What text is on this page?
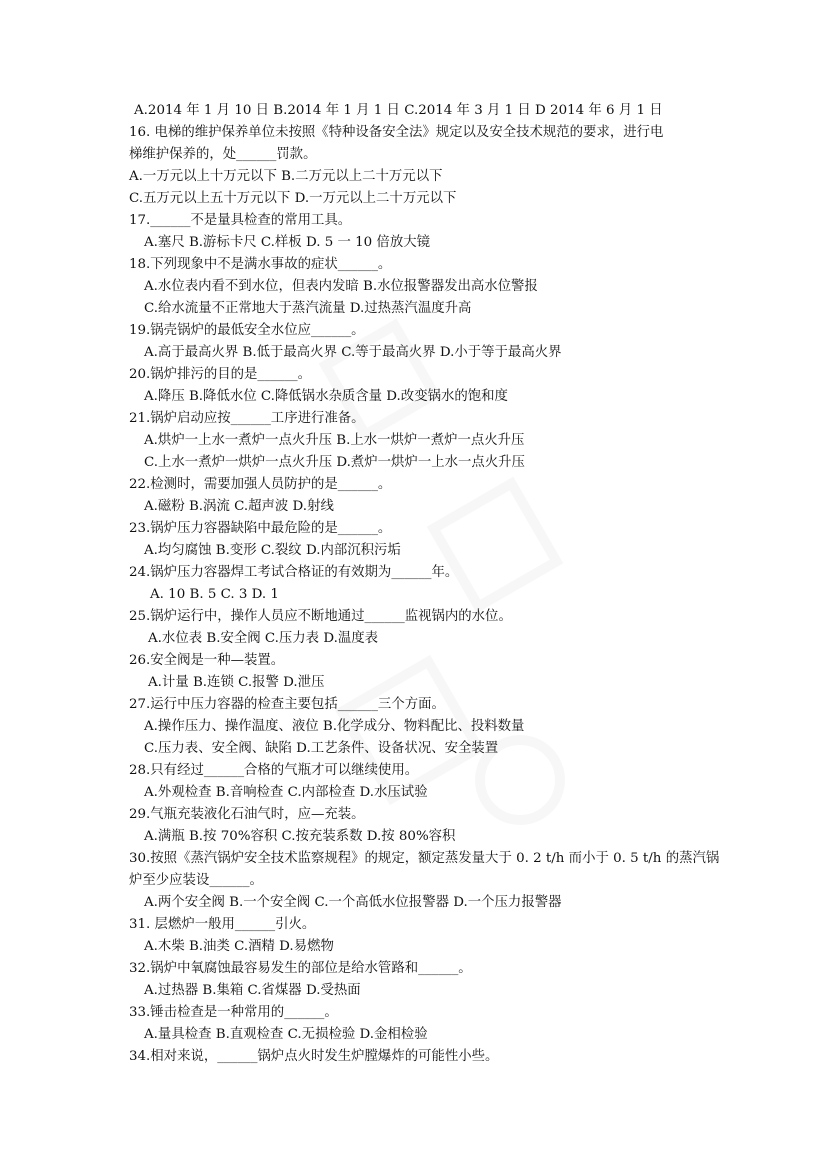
A.2014 年 1 月 10 日 B.2014 年 1 月 1 日 C.2014 年 3 月 1 日 D 2014 年 6 月 1 日
16. 电梯的维护保养单位未按照《特种设备安全法》规定以及安全技术规范的要求，进行电
梯维护保养的，处______罚款。
A.一万元以上十万元以下 B.二万元以上二十万元以下
C.五万元以上五十万元以下 D.一万元以上二十万元以下
17.______不是量具检查的常用工具。
A.塞尺 B.游标卡尺 C.样板 D. 5 一 10 倍放大镜
18.下列现象中不是满水事故的症状______。
A.水位表内看不到水位，但表内发暗 B.水位报警器发出高水位警报
C.给水流量不正常地大于蒸汽流量 D.过热蒸汽温度升高
19.锅壳锅炉的最低安全水位应______。
A.高于最高火界 B.低于最高火界 C.等于最高火界 D.小于等于最高火界
20.锅炉排污的目的是______。
A.降压 B.降低水位 C.降低锅水杂质含量 D.改变锅水的饱和度
21.锅炉启动应按______工序进行准备。
A.烘炉一上水一煮炉一点火升压 B.上水一烘炉一煮炉一点火升压
C.上水一煮炉一烘炉一点火升压 D.煮炉一烘炉一上水一点火升压
22.检测时，需要加强人员防护的是______。
A.磁粉 B.涡流 C.超声波 D.射线
23.锅炉压力容器缺陷中最危险的是______。
A.均匀腐蚀 B.变形 C.裂纹 D.内部沉积污垢
24.锅炉压力容器焊工考试合格证的有效期为______年。
A. 10 B. 5 C. 3 D. 1
25.锅炉运行中，操作人员应不断地通过______监视锅内的水位。
A.水位表 B.安全阀 C.压力表 D.温度表
26.安全阀是一种—装置。
A.计量 B.连锁 C.报警 D.泄压
27.运行中压力容器的检查主要包括______三个方面。
A.操作压力、操作温度、液位 B.化学成分、物料配比、投料数量
C.压力表、安全阀、缺陷 D.工艺条件、设备状况、安全装置
28.只有经过______合格的气瓶才可以继续使用。
A.外观检查 B.音响检查 C.内部检查 D.水压试验
29.气瓶充装液化石油气时，应—充装。
A.满瓶 B.按 70%容积 C.按充装系数 D.按 80%容积
30.按照《蒸汽锅炉安全技术监察规程》的规定，额定蒸发量大于 0. 2 t/h 而小于 0. 5 t/h 的蒸汽锅
炉至少应装设______。
A.两个安全阀 B.一个安全阀 C.一个高低水位报警器 D.一个压力报警器
31. 层燃炉一般用______引火。
A.木柴 B.油类 C.酒精 D.易燃物
32.锅炉中氧腐蚀最容易发生的部位是给水管路和______。
A.过热器 B.集箱 C.省煤器 D.受热面
33.锤击检查是一种常用的______。
A.量具检查 B.直观检查 C.无损检验 D.金相检验
34.相对来说，______锅炉点火时发生炉膛爆炸的可能性小些。
